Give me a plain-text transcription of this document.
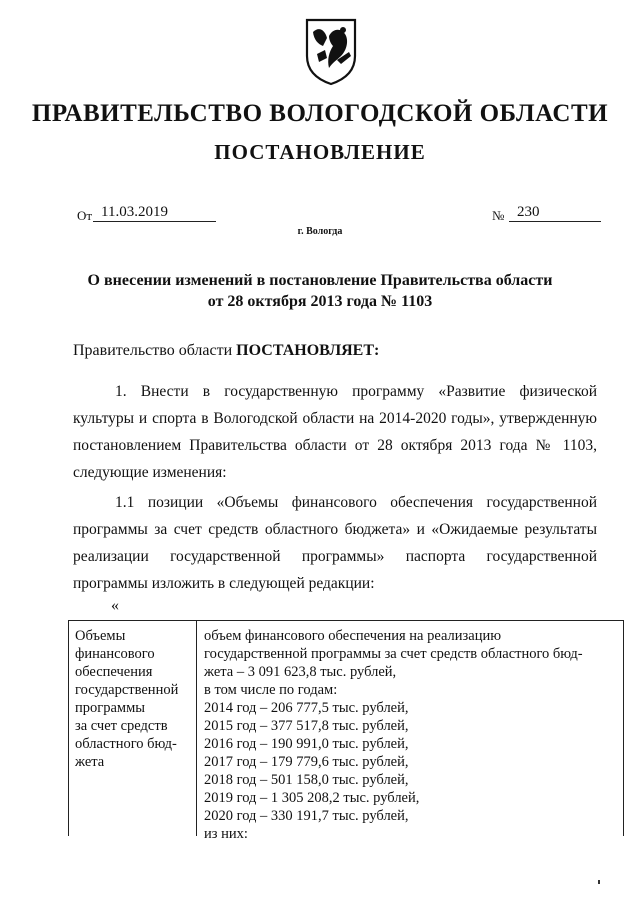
ПРАВИТЕЛЬСТВО ВОЛОГОДСКОЙ ОБЛАСТИ
ПОСТАНОВЛЕНИЕ
От 11.03.2019	№ 230
г. Вологда
О внесении изменений в постановление Правительства области
от 28 октября 2013 года № 1103
Правительство области ПОСТАНОВЛЯЕТ:

1. Внести в государственную программу «Развитие физической культуры и спорта в Вологодской области на 2014-2020 годы», утвержденную постановлением Правительства области от 28 октября 2013 года № 1103, следующие изменения:

1.1 позиции «Объемы финансового обеспечения государственной программы за счет средств областного бюджета» и «Ожидаемые результаты реализации государственной программы» паспорта государственной программы изложить в следующей редакции:

«
Объемы
финансового
обеспечения
государственной
программы
за счет средств
областного бюд-
жета
объем финансового обеспечения на реализацию
государственной программы за счет средств областного бюд-
жета – 3 091 623,8 тыс. рублей,
в том числе по годам:
2014 год – 206 777,5 тыс. рублей,
2015 год – 377 517,8 тыс. рублей,
2016 год – 190 991,0 тыс. рублей,
2017 год – 179 779,6 тыс. рублей,
2018 год – 501 158,0 тыс. рублей,
2019 год – 1 305 208,2 тыс. рублей,
2020 год – 330 191,7 тыс. рублей,
из них:
